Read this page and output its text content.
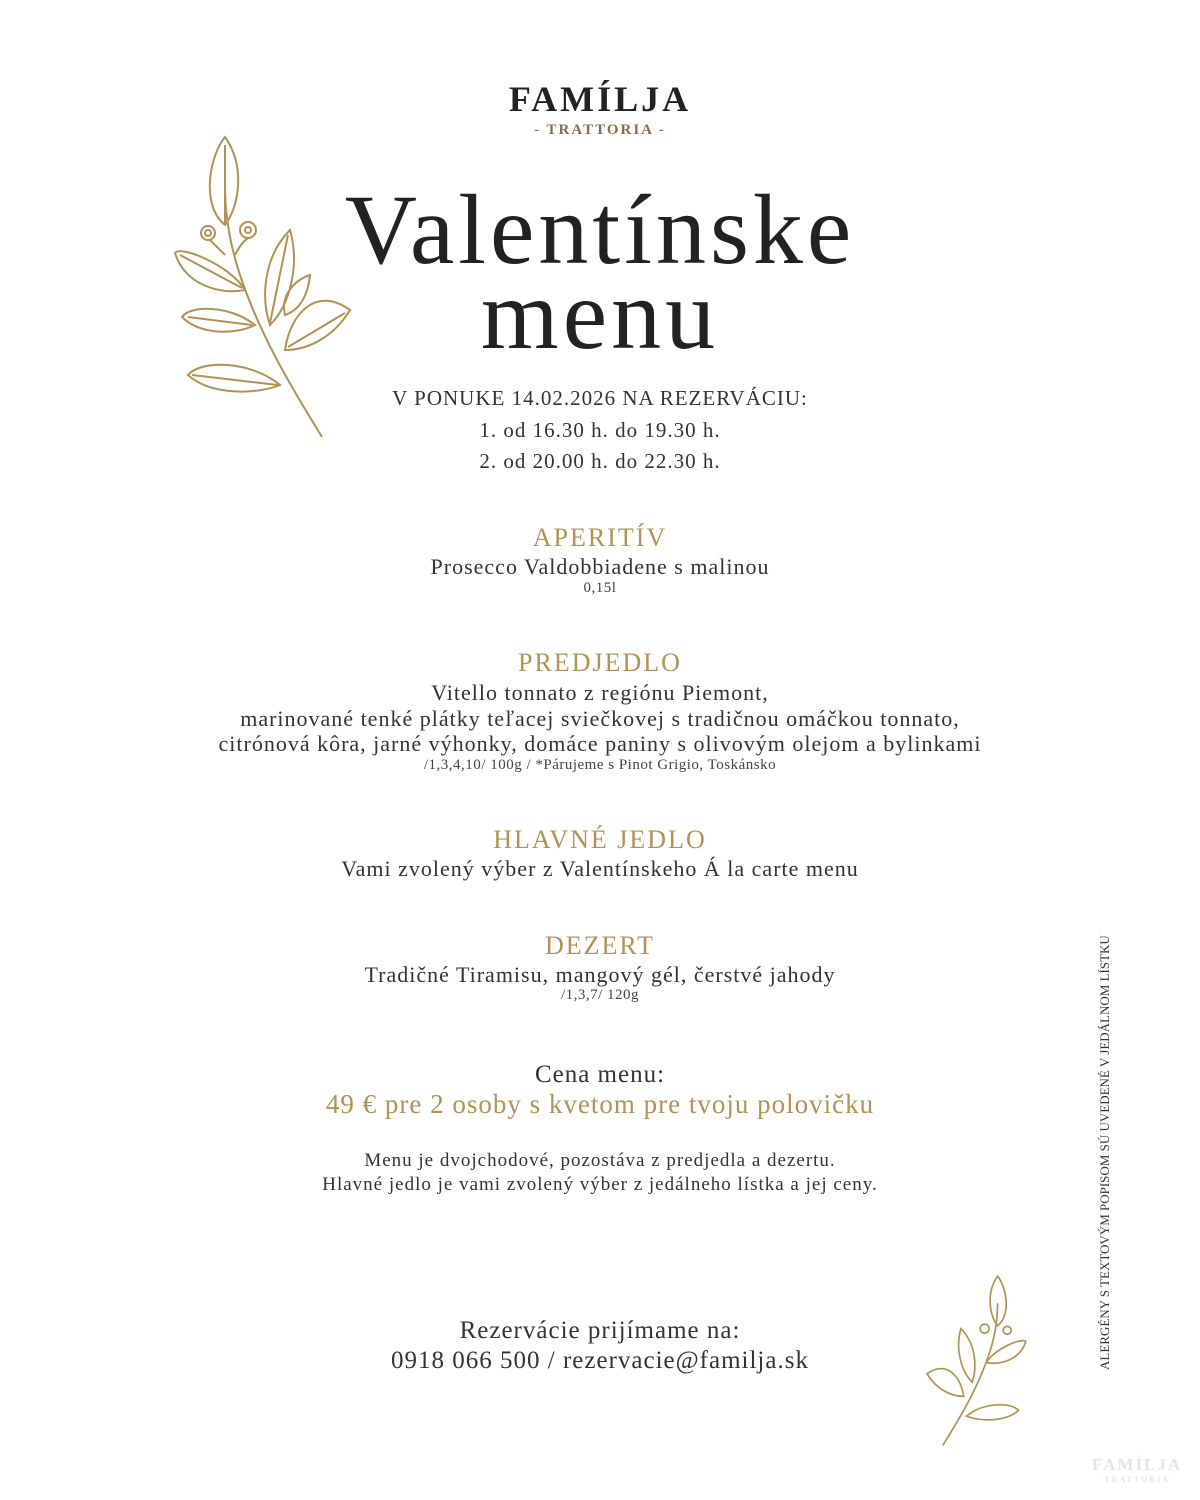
FAMÍLJA
- TRATTORIA -
Valentínske
menu
V PONUKE 14.02.2026 NA REZERVÁCIU:
1. od 16.30 h. do 19.30 h.
2. od 20.00 h. do 22.30 h.
APERITÍV
Prosecco Valdobbiadene s malinou
0,15l
PREDJEDLO
Vitello tonnato z regiónu Piemont,
marinované tenké plátky teľacej sviečkovej s tradičnou omáčkou tonnato,
citrónová kôra, jarné výhonky, domáce paniny s olivovým olejom a bylinkami
/1,3,4,10/ 100g / *Párujeme s Pinot Grigio, Toskánsko
HLAVNÉ JEDLO
Vami zvolený výber z Valentínskeho Á la carte menu
DEZERT
Tradičné Tiramisu, mangový gél, čerstvé jahody
/1,3,7/ 120g
Cena menu:
49 € pre 2 osoby s kvetom pre tvoju polovičku
Menu je dvojchodové, pozostáva z predjedla a dezertu.
Hlavné jedlo je vami zvolený výber z jedálneho lístka a jej ceny.
Rezervácie prijímame na:
0918 066 500 / rezervacie@familja.sk	ALERGÉNY S TEXTOVÝM POPISOM SÚ UVEDENÉ V JEDÁLNOM LÍSTKU
FAMÍLJA
- TRATTORIA -
